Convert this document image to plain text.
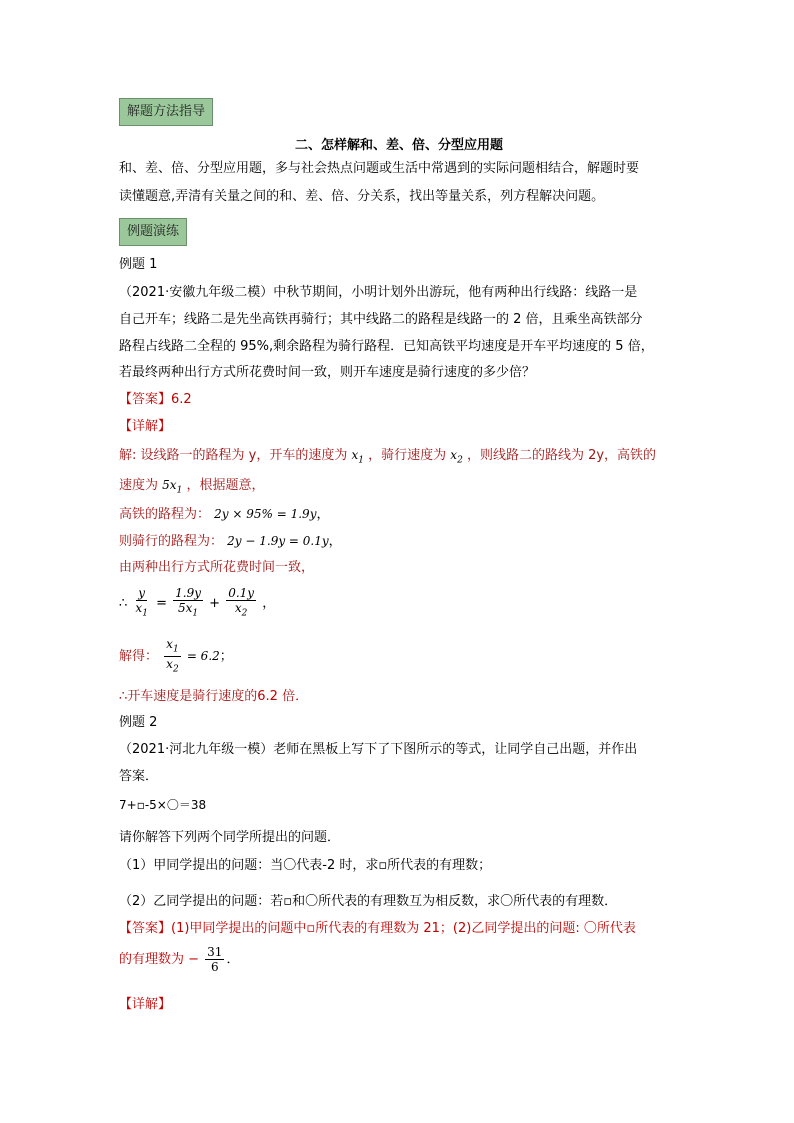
解题方法指导
二、怎样解和、差、倍、分型应用题
和、差、倍、分型应用题，多与社会热点问题或生活中常遇到的实际问题相结合，解题时要
读懂题意,弄清有关量之间的和、差、倍、分关系，找出等量关系，列方程解决问题。
例题演练
例题 1
（2021·安徽九年级二模）中秋节期间，小明计划外出游玩，他有两种出行线路：线路一是
自己开车；线路二是先坐高铁再骑行；其中线路二的路程是线路一的 2 倍，且乘坐高铁部分
路程占线路二全程的 95%,剩余路程为骑行路程．已知高铁平均速度是开车平均速度的 5 倍，
若最终两种出行方式所花费时间一致，则开车速度是骑行速度的多少倍？
【答案】6.2
【详解】
解: 设线路一的路程为 y，开车的速度为 $x_1$ ，骑行速度为 $x_2$ ，则线路二的路线为 2y，高铁的
速度为 $5x_1$ ，根据题意，
高铁的路程为： 2y × 95% = 1.9y，
则骑行的路程为： 2y − 1.9y = 0.1y，
由两种出行方式所花费时间一致，
∴ $\frac{y}{x_1} = \frac{1.9y}{5x_1} + \frac{0.1y}{x_2}$ ，
解得： $\frac{x_1}{x_2} = 6.2$；
∴开车速度是骑行速度的6.2 倍．
例题 2
（2021·河北九年级一模）老师在黑板上写下了下图所示的等式，让同学自己出题，并作出
答案．
7+▫-5×〇＝38
请你解答下列两个同学所提出的问题．
（1）甲同学提出的问题：当〇代表-2 时，求▫所代表的有理数；
（2）乙同学提出的问题：若▫和〇所代表的有理数互为相反数，求〇所代表的有理数．
【答案】(1)甲同学提出的问题中▫所代表的有理数为 21；(2)乙同学提出的问题: 〇所代表
的有理数为 − $\frac{31}{6}$ ．
【详解】
